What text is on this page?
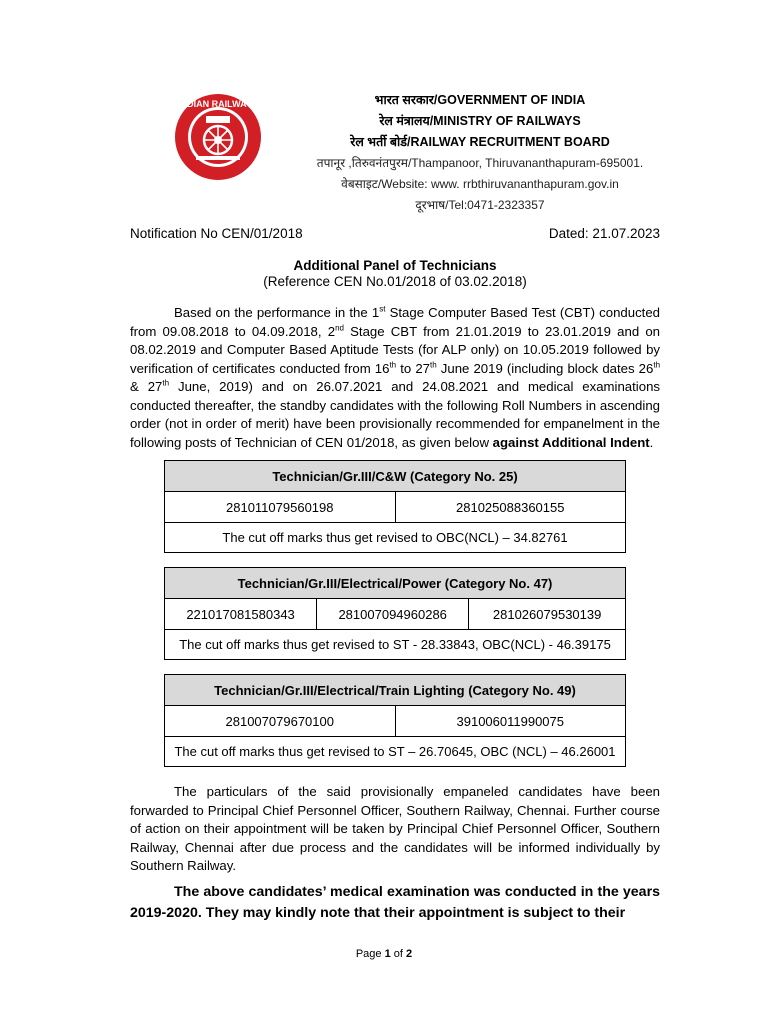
INDIAN RAILWAYS	भारत सरकार/GOVERNMENT OF INDIA
रेल मंत्रालय/MINISTRY OF RAILWAYS
रेल भर्ती बोर्ड/RAILWAY RECRUITMENT BOARD
तपानूर ,तिरुवनंतपुरम/Thampanoor, Thiruvananthapuram-695001.
वेबसाइट/Website: www. rrbthiruvananthapuram.gov.in
दूरभाष/Tel:0471-2323357
Notification No CEN/01/2018	Dated: 21.07.2023
Additional Panel of Technicians
(Reference CEN No.01/2018 of 03.02.2018)

Based on the performance in the 1st Stage Computer Based Test (CBT) conducted from 09.08.2018 to 04.09.2018, 2nd Stage CBT from 21.01.2019 to 23.01.2019 and on 08.02.2019 and Computer Based Aptitude Tests (for ALP only) on 10.05.2019 followed by verification of certificates conducted from 16th to 27th June 2019 (including block dates 26th & 27th June, 2019) and on 26.07.2021 and 24.08.2021 and medical examinations conducted thereafter, the standby candidates with the following Roll Numbers in ascending order (not in order of merit) have been provisionally recommended for empanelment in the following posts of Technician of CEN 01/2018, as given below against Additional Indent.

Technician/Gr.III/C&W (Category No. 25)
281011079560198	281025088360155
The cut off marks thus get revised to OBC(NCL) – 34.82761
Technician/Gr.III/Electrical/Power (Category No. 47)
221017081580343	281007094960286	281026079530139
The cut off marks thus get revised to ST - 28.33843, OBC(NCL) - 46.39175
Technician/Gr.III/Electrical/Train Lighting (Category No. 49)
281007079670100	391006011990075
The cut off marks thus get revised to ST – 26.70645, OBC (NCL) – 46.26001

The particulars of the said provisionally empaneled candidates have been forwarded to Principal Chief Personnel Officer, Southern Railway, Chennai. Further course of action on their appointment will be taken by Principal Chief Personnel Officer, Southern Railway, Chennai after due process and the candidates will be informed individually by Southern Railway.

The above candidates’ medical examination was conducted in the years 2019-2020. They may kindly note that their appointment is subject to their

Page 1 of 2
